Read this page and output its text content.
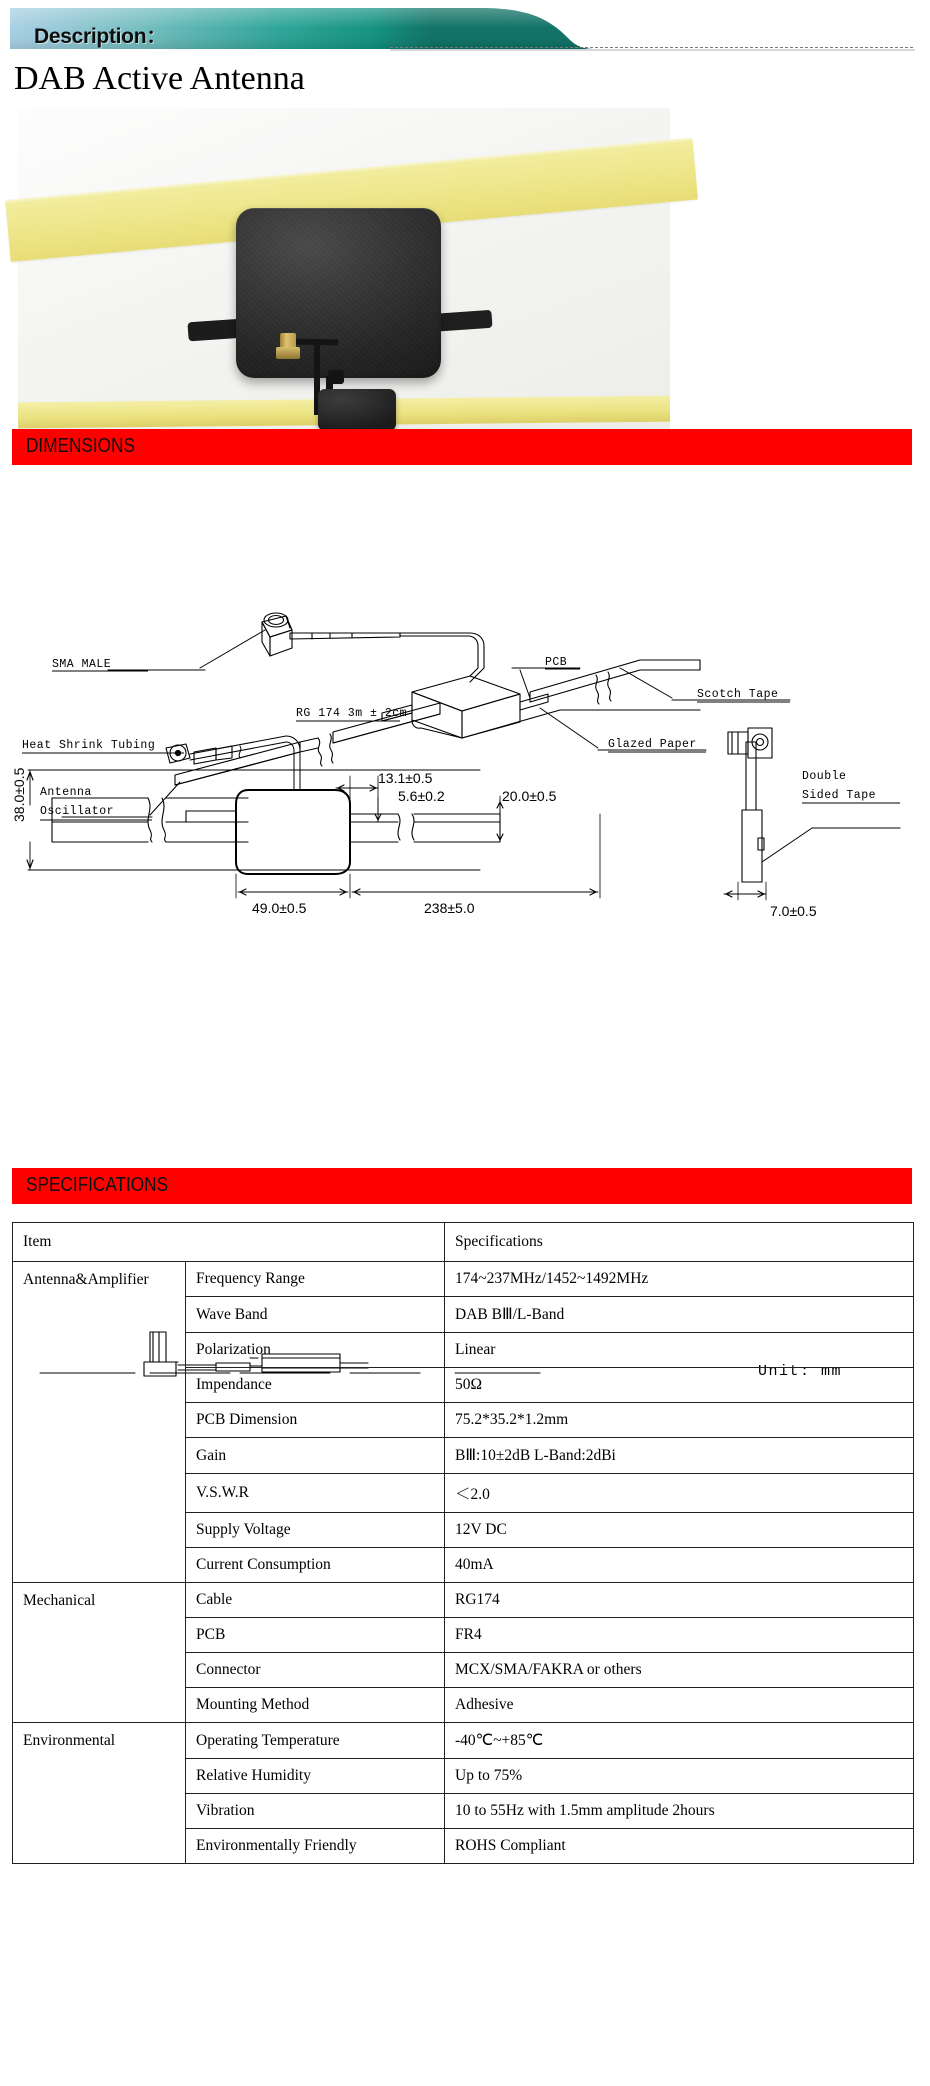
Description：
DAB Active Antenna
DIMENSIONS
SMA MALE
Antenna
Oscillator
PCB
Scotch Tape
Glazed Paper
Heat Shrink Tubing
RG 174 3m ± 2cm
Double
Sided Tape
38.0±0.5
49.0±0.5	238±5.0
13.1±0.5
5.6±0.2	20.0±0.5
7.0±0.5
Unit: mm
SPECIFICATIONS
Item		Specifications
Antenna&Amplifier	Frequency Range	174~237MHz/1452~1492MHz
	Wave Band	DAB BⅢ/L-Band
	Polarization	Linear
	Impendance	50Ω
	PCB Dimension	75.2*35.2*1.2mm
	Gain	BⅢ:10±2dB L-Band:2dBi
	V.S.W.R	＜2.0
	Supply Voltage	12V DC
	Current Consumption	40mA
Mechanical	Cable	RG174
	PCB	FR4
	Connector	MCX/SMA/FAKRA or others
	Mounting Method	Adhesive
Environmental	Operating Temperature	-40℃~+85℃
	Relative Humidity	Up to 75%
	Vibration	10 to 55Hz with 1.5mm amplitude 2hours
	Environmentally Friendly	ROHS Compliant
